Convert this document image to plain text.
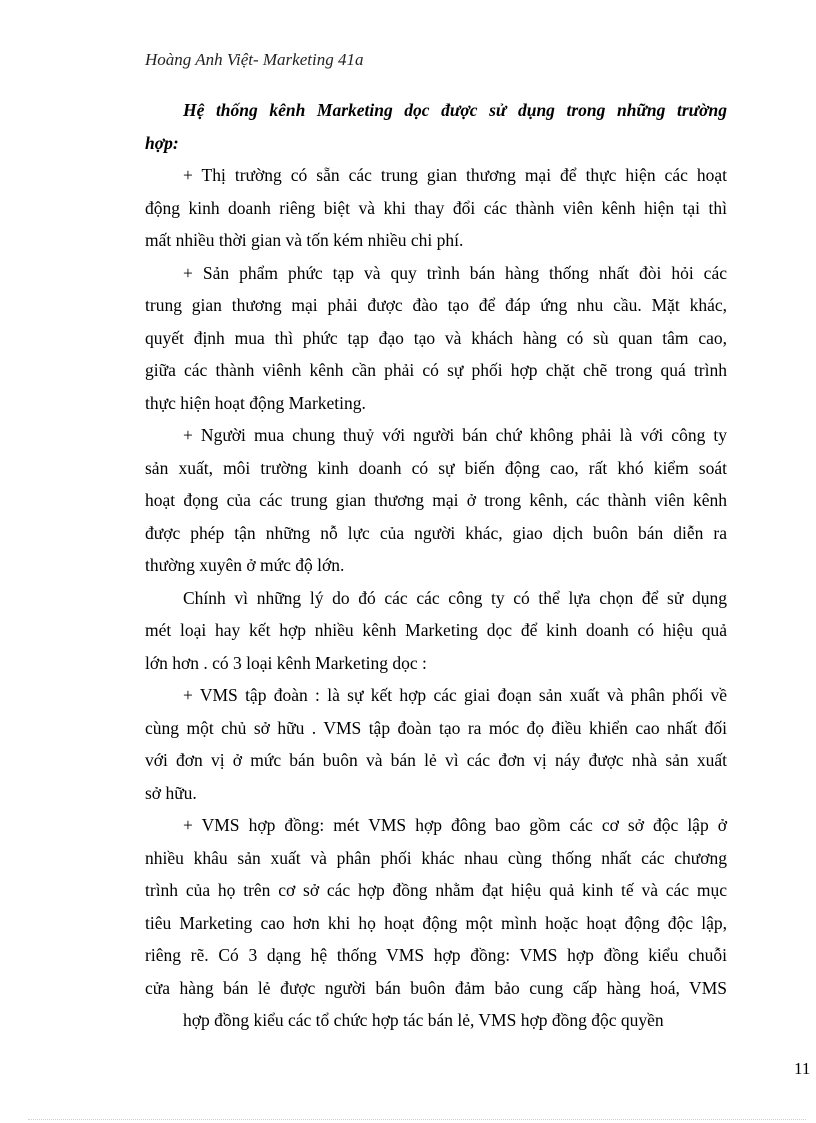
Hoàng Anh Việt- Marketing 41a
Hệ thống kênh Marketing dọc được sử dụng trong những trường
hợp:
+ Thị trường có sẵn các trung gian thương mại để thực hiện các hoạt
động kinh doanh riêng biệt và khi thay đổi các thành viên kênh hiện tại thì
mất nhiều thời gian và tốn kém nhiều chi phí.
+ Sản phẩm phức tạp và quy trình bán hàng thống nhất đòi hỏi các
trung gian thương mại phải được đào tạo để đáp ứng nhu cầu. Mặt khác,
quyết định mua thì phức tạp đạo tạo và khách hàng có sù quan tâm cao,
giữa các thành viênh kênh cần phải có sự phối hợp chặt chẽ trong quá trình
thực hiện hoạt động Marketing.
+ Người mua chung thuỷ với người bán chứ không phải là với công ty
sản xuất, môi trường kinh doanh có sự biến động cao, rất khó kiểm soát
hoạt đọng của các trung gian thương mại ở trong kênh, các thành viên kênh
được phép tận những nỗ lực của người khác, giao dịch buôn bán diễn ra
thường xuyên ở mức độ lớn.
Chính vì những lý do đó các các công ty có thể lựa chọn để sử dụng
mét loại hay kết hợp nhiều kênh Marketing dọc để kinh doanh có hiệu quả
lớn hơn . có 3 loại kênh Marketing dọc :
+ VMS tập đoàn : là sự kết hợp các giai đoạn sản xuất và phân phối về
cùng một chủ sở hữu . VMS tập đoàn tạo ra móc đọ điều khiển cao nhất đối
với đơn vị ở mức bán buôn và bán lẻ vì các đơn vị náy được nhà sản xuất
sở hữu.
+ VMS hợp đồng: mét VMS hợp đông bao gồm các cơ sở độc lập ở
nhiều khâu sản xuất và phân phối khác nhau cùng thống nhất các chương
trình của họ trên cơ sở các hợp đồng nhằm đạt hiệu quả kinh tế và các mục
tiêu Marketing cao hơn khi họ hoạt động một mình hoặc hoạt động độc lập,
riêng rẽ. Có 3 dạng hệ thống VMS hợp đồng: VMS hợp đồng kiểu chuỗi
cửa hàng bán lẻ được người bán buôn đảm bảo cung cấp hàng hoá, VMS
hợp đồng kiểu các tổ chức hợp tác bán lẻ, VMS hợp đồng độc quyền
11
